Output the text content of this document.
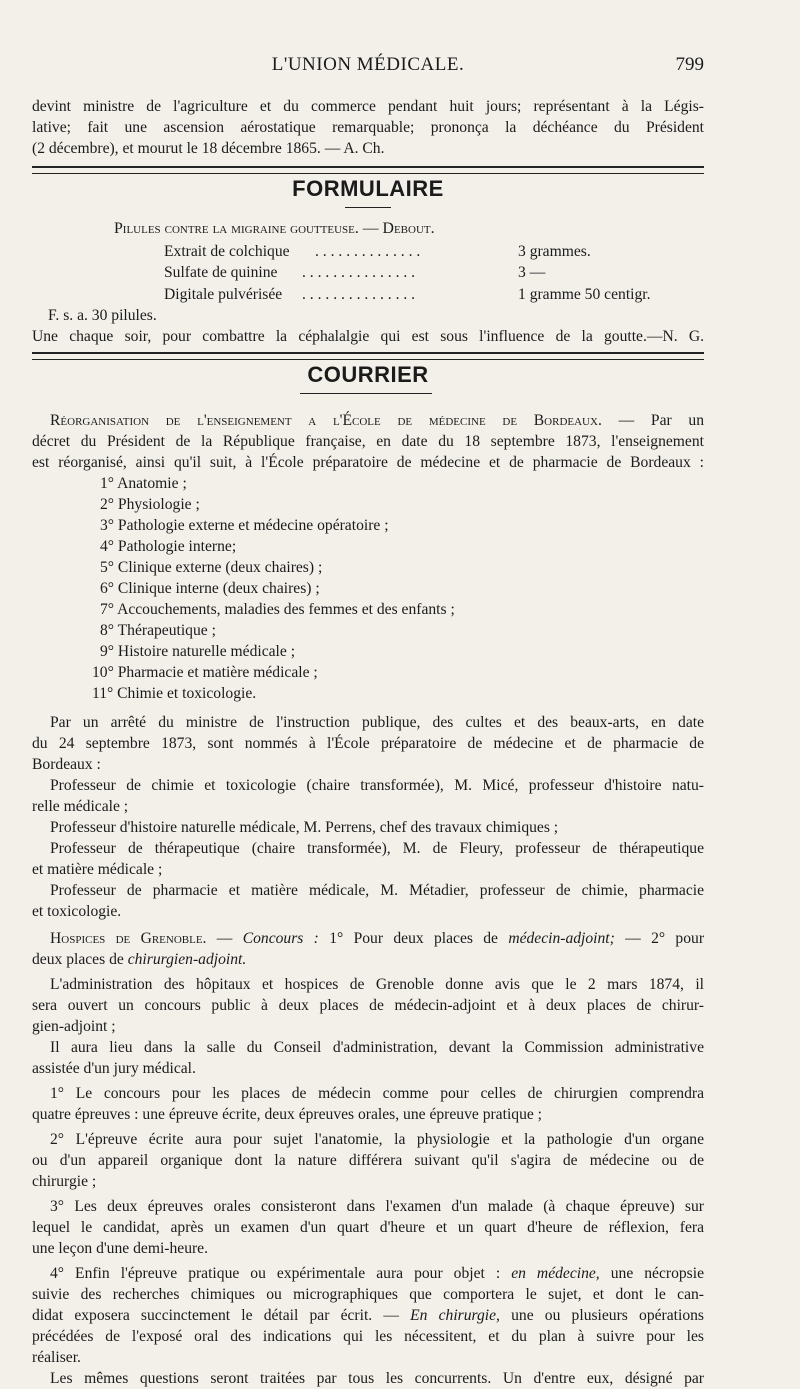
L'UNION MÉDICALE.	799
devint ministre de l'agriculture et du commerce pendant huit jours; représentant à la Légis-
lative; fait une ascension aérostatique remarquable; prononça la déchéance du Président
(2 décembre), et mourut le 18 décembre 1865. — A. Ch.
FORMULAIRE
Pilules contre la migraine goutteuse. — Debout.
Extrait de colchique . . . . . . . . . . . . . .	3 grammes.
Sulfate de quinine . . . . . . . . . . . . . . .	3 —
Digitale pulvérisée . . . . . . . . . . . . . . .	1 gramme 50 centigr.
F. s. a. 30 pilules.
Une chaque soir, pour combattre la céphalalgie qui est sous l'influence de la goutte.—N. G.
COURRIER
Réorganisation de l'enseignement a l'École de médecine de Bordeaux. — Par un
décret du Président de la République française, en date du 18 septembre 1873, l'enseignement
est réorganisé, ainsi qu'il suit, à l'École préparatoire de médecine et de pharmacie de Bordeaux :
1° Anatomie ;
2° Physiologie ;
3° Pathologie externe et médecine opératoire ;
4° Pathologie interne;
5° Clinique externe (deux chaires) ;
6° Clinique interne (deux chaires) ;
7° Accouchements, maladies des femmes et des enfants ;
8° Thérapeutique ;
9° Histoire naturelle médicale ;
10° Pharmacie et matière médicale ;
11° Chimie et toxicologie.
Par un arrêté du ministre de l'instruction publique, des cultes et des beaux-arts, en date
du 24 septembre 1873, sont nommés à l'École préparatoire de médecine et de pharmacie de
Bordeaux :
Professeur de chimie et toxicologie (chaire transformée), M. Micé, professeur d'histoire natu-
relle médicale ;
Professeur d'histoire naturelle médicale, M. Perrens, chef des travaux chimiques ;
Professeur de thérapeutique (chaire transformée), M. de Fleury, professeur de thérapeutique
et matière médicale ;
Professeur de pharmacie et matière médicale, M. Métadier, professeur de chimie, pharmacie
et toxicologie.
Hospices de Grenoble. — Concours : 1° Pour deux places de médecin-adjoint; — 2° pour
deux places de chirurgien-adjoint.
L'administration des hôpitaux et hospices de Grenoble donne avis que le 2 mars 1874, il
sera ouvert un concours public à deux places de médecin-adjoint et à deux places de chirur-
gien-adjoint ;
Il aura lieu dans la salle du Conseil d'administration, devant la Commission administrative
assistée d'un jury médical.
1° Le concours pour les places de médecin comme pour celles de chirurgien comprendra
quatre épreuves : une épreuve écrite, deux épreuves orales, une épreuve pratique ;
2° L'épreuve écrite aura pour sujet l'anatomie, la physiologie et la pathologie d'un organe
ou d'un appareil organique dont la nature différera suivant qu'il s'agira de médecine ou de
chirurgie ;
3° Les deux épreuves orales consisteront dans l'examen d'un malade (à chaque épreuve) sur
lequel le candidat, après un examen d'un quart d'heure et un quart d'heure de réflexion, fera
une leçon d'une demi-heure.
4° Enfin l'épreuve pratique ou expérimentale aura pour objet : en médecine, une nécropsie
suivie des recherches chimiques ou micrographiques que comportera le sujet, et dont le can-
didat exposera succinctement le détail par écrit. — En chirurgie, une ou plusieurs opérations
précédées de l'exposé oral des indications qui les nécessitent, et du plan à suivre pour les
réaliser.
Les mêmes questions seront traitées par tous les concurrents. Un d'entre eux, désigné par
